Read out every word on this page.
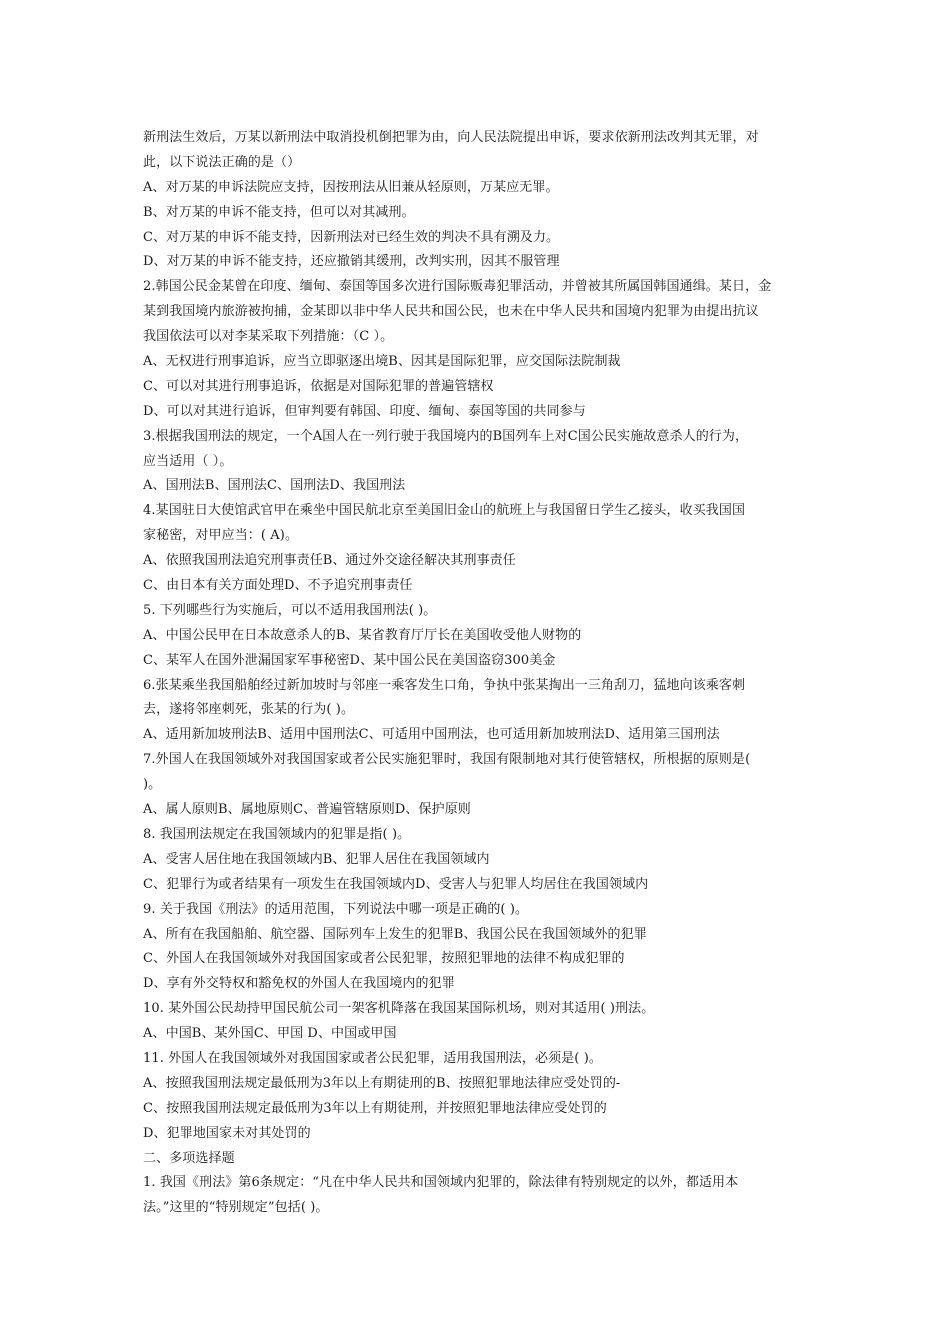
新刑法生效后，万某以新刑法中取消投机倒把罪为由，向人民法院提出申诉，要求依新刑法改判其无罪，对
此，以下说法正确的是（）
A、对万某的申诉法院应支持，因按刑法从旧兼从轻原则，万某应无罪。
B、对万某的申诉不能支持，但可以对其减刑。
C、对万某的申诉不能支持，因新刑法对已经生效的判决不具有溯及力。
D、对万某的申诉不能支持，还应撤销其缓刑，改判实刑，因其不服管理
2.韩国公民金某曾在印度、缅甸、泰国等国多次进行国际贩毒犯罪活动，并曾被其所属国韩国通缉。某日，金
某到我国境内旅游被拘捕，金某即以非中华人民共和国公民，也未在中华人民共和国境内犯罪为由提出抗议
我国依法可以对李某采取下列措施：（C ）。
A、无权进行刑事追诉，应当立即驱逐出境B、因其是国际犯罪，应交国际法院制裁
C、可以对其进行刑事追诉，依据是对国际犯罪的普遍管辖权
D、可以对其进行追诉，但审判要有韩国、印度、缅甸、泰国等国的共同参与
3.根据我国刑法的规定，一个A国人在一列行驶于我国境内的B国列车上对C国公民实施故意杀人的行为，
应当适用（ ）。
A、国刑法B、国刑法C、国刑法D、我国刑法
4.某国驻日大使馆武官甲在乘坐中国民航北京至美国旧金山的航班上与我国留日学生乙接头，收买我国国
家秘密，对甲应当：( A)。
A、依照我国刑法追究刑事责任B、通过外交途径解决其刑事责任
C、由日本有关方面处理D、不予追究刑事责任
5. 下列哪些行为实施后，可以不适用我国刑法( )。
A、中国公民甲在日本故意杀人的B、某省教育厅厅长在美国收受他人财物的
C、某军人在国外泄漏国家军事秘密D、某中国公民在美国盗窃300美金
6.张某乘坐我国船舶经过新加坡时与邻座一乘客发生口角，争执中张某掏出一三角刮刀，猛地向该乘客刺
去，遂将邻座刺死，张某的行为( )。
A、适用新加坡刑法B、适用中国刑法C、可适用中国刑法，也可适用新加坡刑法D、适用第三国刑法
7.外国人在我国领域外对我国国家或者公民实施犯罪时，我国有限制地对其行使管辖权，所根据的原则是(
)。
A、属人原则B、属地原则C、普遍管辖原则D、保护原则
8. 我国刑法规定在我国领域内的犯罪是指( )。
A、受害人居住地在我国领域内B、犯罪人居住在我国领域内
C、犯罪行为或者结果有一项发生在我国领域内D、受害人与犯罪人均居住在我国领域内
9. 关于我国《刑法》的适用范围，下列说法中哪一项是正确的( )。
A、所有在我国船舶、航空器、国际列车上发生的犯罪B、我国公民在我国领域外的犯罪
C、外国人在我国领域外对我国国家或者公民犯罪，按照犯罪地的法律不构成犯罪的
D、享有外交特权和豁免权的外国人在我国境内的犯罪
10. 某外国公民劫持甲国民航公司一架客机降落在我国某国际机场，则对其适用( )刑法。
A、中国B、某外国C、甲国 D、中国或甲国
11. 外国人在我国领域外对我国国家或者公民犯罪，适用我国刑法，必须是( )。
A、按照我国刑法规定最低刑为3年以上有期徒刑的B、按照犯罪地法律应受处罚的-
C、按照我国刑法规定最低刑为3年以上有期徒刑，并按照犯罪地法律应受处罚的
D、犯罪地国家未对其处罚的
二、多项选择题
1. 我国《刑法》第6条规定：“凡在中华人民共和国领域内犯罪的，除法律有特别规定的以外，都适用本
法。”这里的“特别规定”包括( )。
